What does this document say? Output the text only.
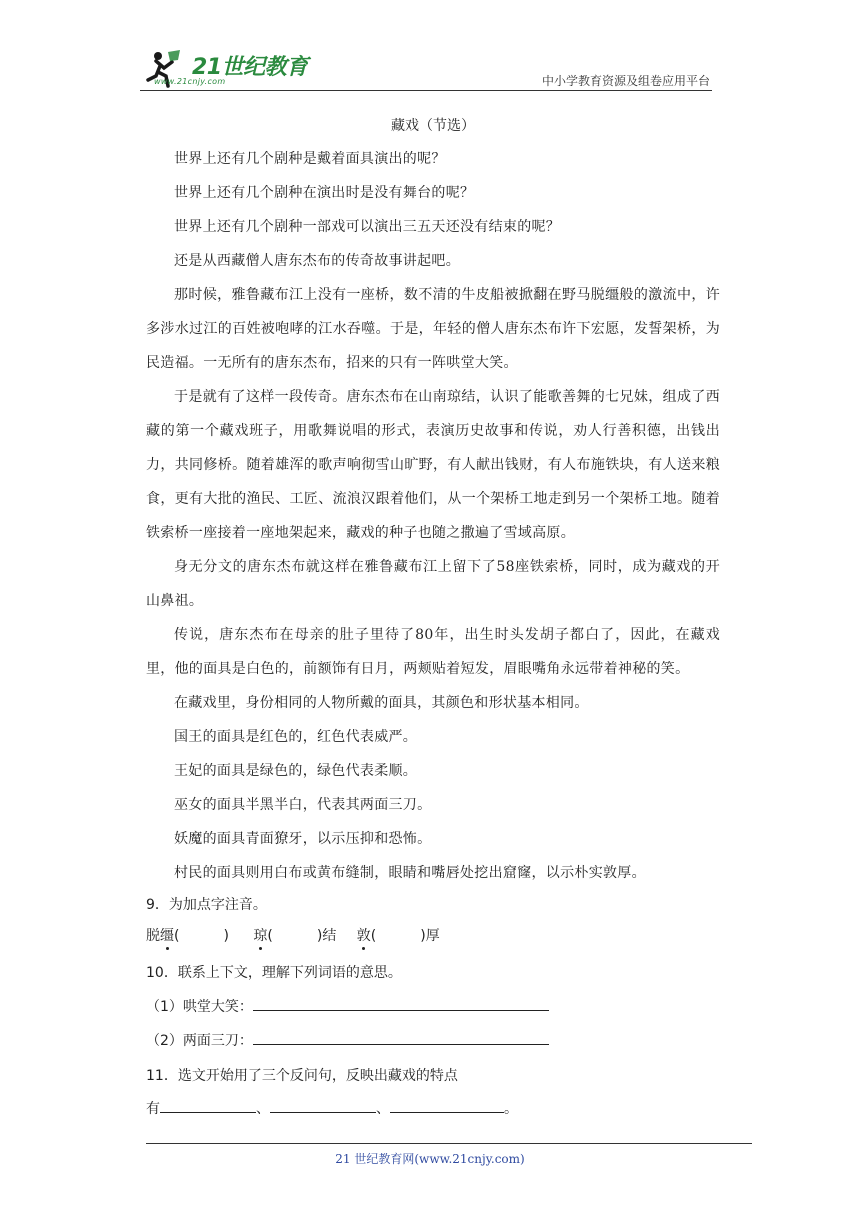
21世纪教育
www.21cnjy.com	中小学教育资源及组卷应用平台

藏戏（节选）

世界上还有几个剧种是戴着面具演出的呢？

世界上还有几个剧种在演出时是没有舞台的呢？

世界上还有几个剧种一部戏可以演出三五天还没有结束的呢？

还是从西藏僧人唐东杰布的传奇故事讲起吧。

那时候，雅鲁藏布江上没有一座桥，数不清的牛皮船被掀翻在野马脱缰般的激流中，许多涉水过江的百姓被咆哮的江水吞噬。于是，年轻的僧人唐东杰布许下宏愿，发誓架桥，为民造福。一无所有的唐东杰布，招来的只有一阵哄堂大笑。

于是就有了这样一段传奇。唐东杰布在山南琼结，认识了能歌善舞的七兄妹，组成了西藏的第一个藏戏班子，用歌舞说唱的形式，表演历史故事和传说，劝人行善积德，出钱出力，共同修桥。随着雄浑的歌声响彻雪山旷野，有人献出钱财，有人布施铁块，有人送来粮食，更有大批的渔民、工匠、流浪汉跟着他们，从一个架桥工地走到另一个架桥工地。随着铁索桥一座接着一座地架起来，藏戏的种子也随之撒遍了雪域高原。

身无分文的唐东杰布就这样在雅鲁藏布江上留下了58座铁索桥，同时，成为藏戏的开山鼻祖。

传说，唐东杰布在母亲的肚子里待了80年，出生时头发胡子都白了，因此，在藏戏里，他的面具是白色的，前额饰有日月，两颊贴着短发，眉眼嘴角永远带着神秘的笑。

在藏戏里，身份相同的人物所戴的面具，其颜色和形状基本相同。

国王的面具是红色的，红色代表威严。

王妃的面具是绿色的，绿色代表柔顺。

巫女的面具半黑半白，代表其两面三刀。

妖魔的面具青面獠牙，以示压抑和恐怖。

村民的面具则用白布或黄布缝制，眼睛和嘴唇处挖出窟窿，以示朴实敦厚。

9．为加点字注音。
脱缰(	) 琼(	)结 敦(	)厚
10．联系上下文，理解下列词语的意思。
（1）哄堂大笑：
（2）两面三刀：
11．选文开始用了三个反问句，反映出藏戏的特点
有	、	、	。
21 世纪教育网(www.21cnjy.com)
